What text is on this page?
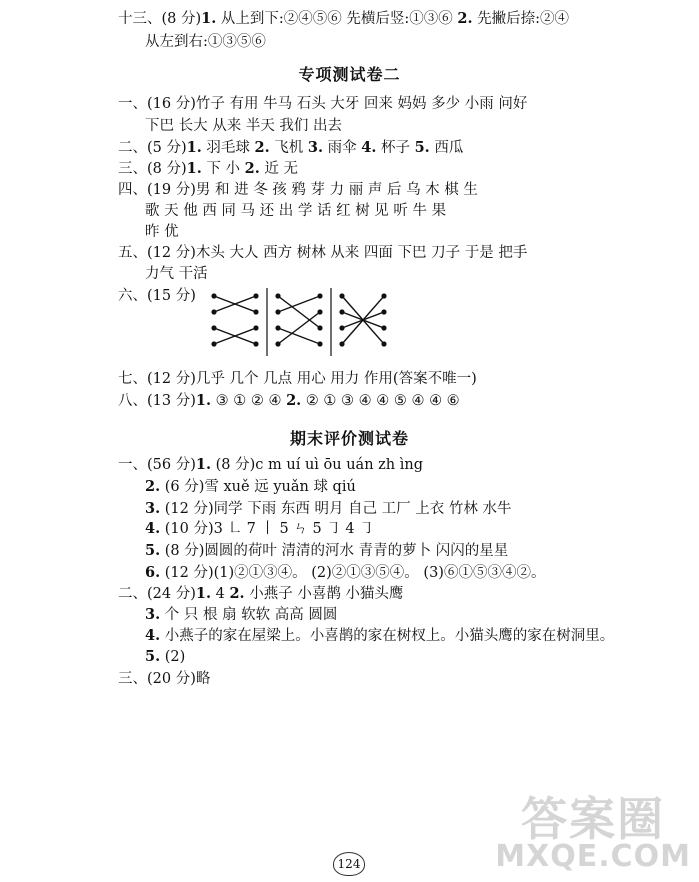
十三、(8 分)1. 从上到下:②④⑤⑥ 先横后竖:①③⑥ 2. 先撇后捺:②④
从左到右:①③⑤⑥
专项测试卷二
一、(16 分)竹子 有用 牛马 石头 大牙 回来 妈妈 多少 小雨 问好
下巴 长大 从来 半天 我们 出去
二、(5 分)1. 羽毛球 2. 飞机 3. 雨伞 4. 杯子 5. 西瓜
三、(8 分)1. 下 小 2. 近 无
四、(19 分)男 和 进 冬 孩 鸦 芽 力 丽 声 后 乌 木 棋 生
歌 天 他 西 同 马 还 出 学 话 红 树 见 听 牛 果
昨 优
五、(12 分)木头 大人 西方 树林 从来 四面 下巴 刀子 于是 把手
力气 干活
六、(15 分)
七、(12 分)几乎 几个 几点 用心 用力 作用(答案不唯一)
八、(13 分)1. ③ ① ② ④ 2. ② ① ③ ④ ④ ⑤ ④ ④ ⑥
期末评价测试卷
一、(56 分)1. (8 分)c m uí uì ōu uán zh ìng
2. (6 分)雪 xuě 远 yuǎn 球 qiú
3. (12 分)同学 下雨 东西 明月 自己 工厂 上衣 竹林 水牛
4. (10 分)3 ㇗ 7 丨 5 ㄣ 5 ㇆ 4 ㇆
5. (8 分)圆圆的荷叶 清清的河水 青青的萝卜 闪闪的星星
6. (12 分)(1)②①③④。 (2)②①③⑤④。 (3)⑥①⑤③④②。
二、(24 分)1. 4 2. 小燕子 小喜鹊 小猫头鹰
3. 个 只 根 扇 软软 高高 圆圆
4. 小燕子的家在屋梁上。小喜鹊的家在树杈上。小猫头鹰的家在树洞里。
5. (2)
三、(20 分)略
124
答案圈
MXQE.COM
